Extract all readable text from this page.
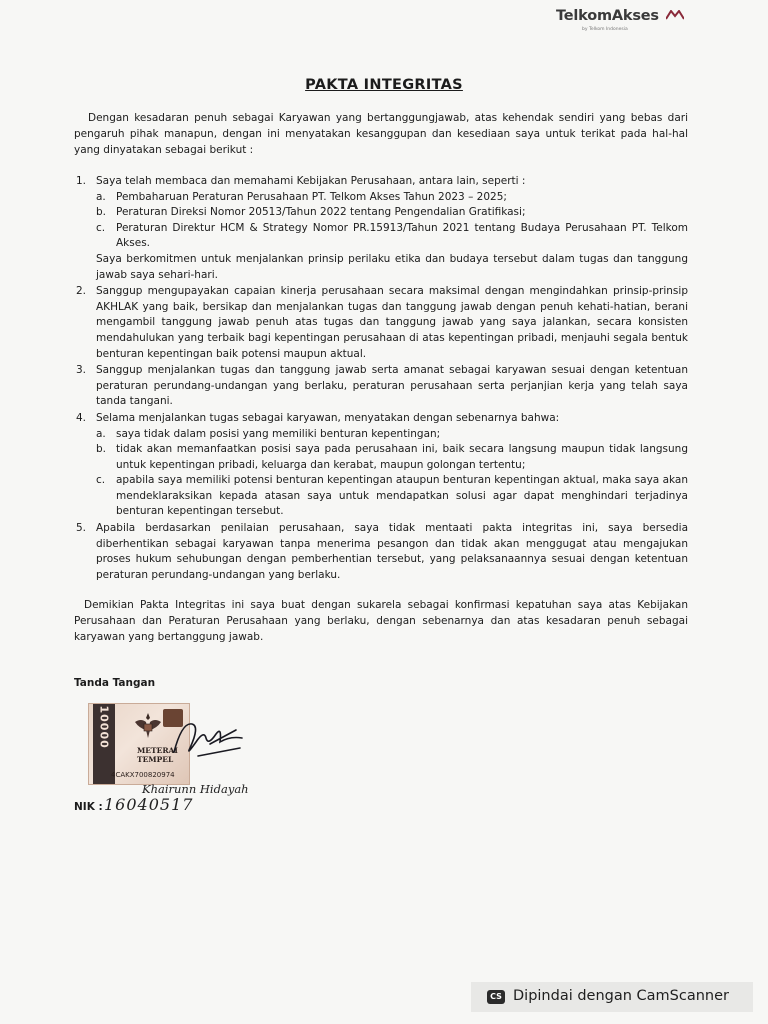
TelkomAkses
by Telkom Indonesia
PAKTA INTEGRITAS

Dengan kesadaran penuh sebagai Karyawan yang bertanggungjawab, atas kehendak sendiri yang bebas dari pengaruh pihak manapun, dengan ini menyatakan kesanggupan dan kesediaan saya untuk terikat pada hal-hal yang dinyatakan sebagai berikut :

1. Saya telah membaca dan memahami Kebijakan Perusahaan, antara lain, seperti :
a. Pembaharuan Peraturan Perusahaan PT. Telkom Akses Tahun 2023 – 2025;
b. Peraturan Direksi Nomor 20513/Tahun 2022 tentang Pengendalian Gratifikasi;
c. Peraturan Direktur HCM & Strategy Nomor PR.15913/Tahun 2021 tentang Budaya Perusahaan PT. Telkom Akses.
Saya berkomitmen untuk menjalankan prinsip perilaku etika dan budaya tersebut dalam tugas dan tanggung jawab saya sehari-hari.
2. Sanggup mengupayakan capaian kinerja perusahaan secara maksimal dengan mengindahkan prinsip-prinsip AKHLAK yang baik, bersikap dan menjalankan tugas dan tanggung jawab dengan penuh kehati-hatian, berani mengambil tanggung jawab penuh atas tugas dan tanggung jawab yang saya jalankan, secara konsisten mendahulukan yang terbaik bagi kepentingan perusahaan di atas kepentingan pribadi, menjauhi segala bentuk benturan kepentingan baik potensi maupun aktual.
3. Sanggup menjalankan tugas dan tanggung jawab serta amanat sebagai karyawan sesuai dengan ketentuan peraturan perundang-undangan yang berlaku, peraturan perusahaan serta perjanjian kerja yang telah saya tanda tangani.
4. Selama menjalankan tugas sebagai karyawan, menyatakan dengan sebenarnya bahwa:
a. saya tidak dalam posisi yang memiliki benturan kepentingan;
b. tidak akan memanfaatkan posisi saya pada perusahaan ini, baik secara langsung maupun tidak langsung untuk kepentingan pribadi, keluarga dan kerabat, maupun golongan tertentu;
c. apabila saya memiliki potensi benturan kepentingan ataupun benturan kepentingan aktual, maka saya akan mendeklaraksikan kepada atasan saya untuk mendapatkan solusi agar dapat menghindari terjadinya benturan kepentingan tersebut.
5. Apabila berdasarkan penilaian perusahaan, saya tidak mentaati pakta integritas ini, saya bersedia diberhentikan sebagai karyawan tanpa menerima pesangon dan tidak akan menggugat atau mengajukan proses hukum sehubungan dengan pemberhentian tersebut, yang pelaksanaannya sesuai dengan ketentuan peraturan perundang-undangan yang berlaku.

Demikian Pakta Integritas ini saya buat dengan sukarela sebagai konfirmasi kepatuhan saya atas Kebijakan Perusahaan dan Peraturan Perusahaan yang berlaku, dengan sebenarnya dan atas kesadaran penuh sebagai karyawan yang bertanggung jawab.

Tanda Tangan
10000
METERAI TEMPEL
4CAKX700820974
Khairunn Hidayah
NIK : 16040517
CS Dipindai dengan CamScanner
